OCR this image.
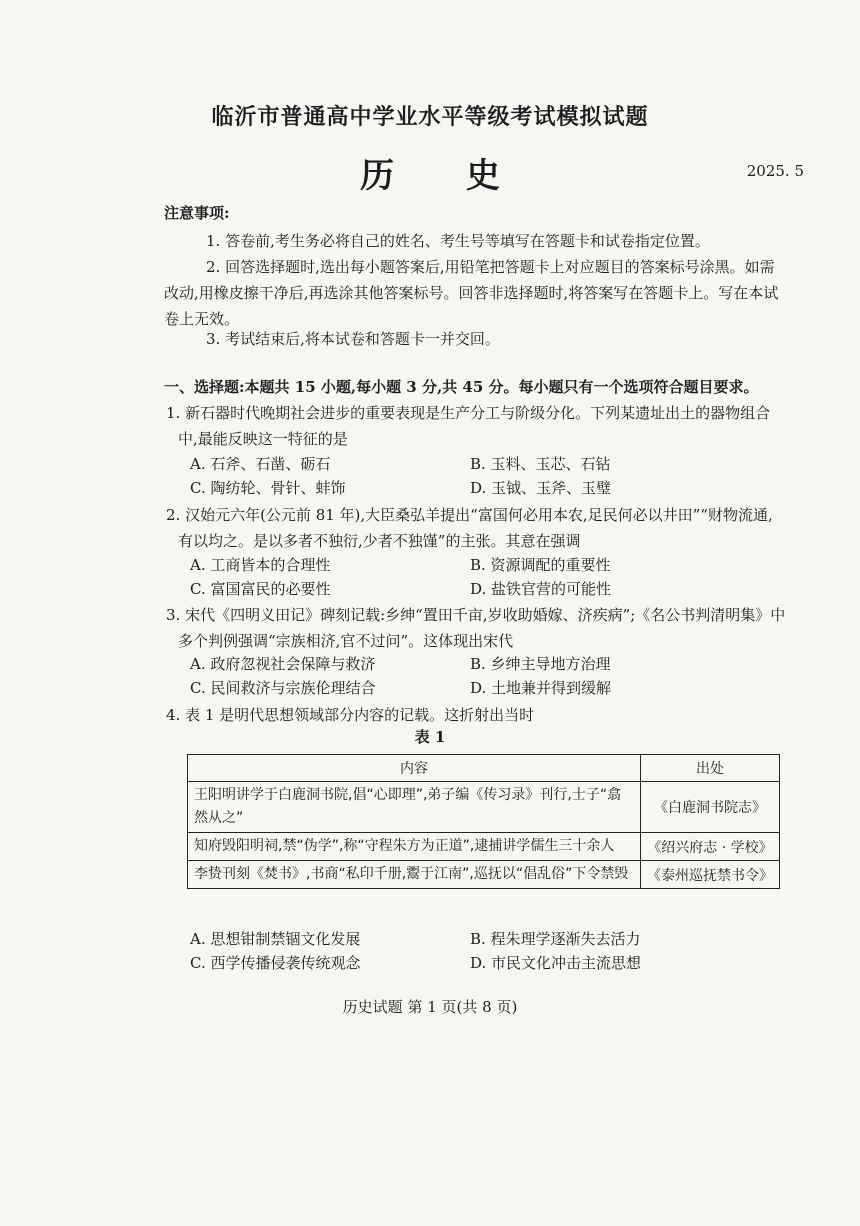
临沂市普通高中学业水平等级考试模拟试题
历 史	2025. 5
注意事项:
1. 答卷前,考生务必将自己的姓名、考生号等填写在答题卡和试卷指定位置。
2. 回答选择题时,选出每小题答案后,用铅笔把答题卡上对应题目的答案标号涂黑。如需改动,用橡皮擦干净后,再选涂其他答案标号。回答非选择题时,将答案写在答题卡上。写在本试卷上无效。
3. 考试结束后,将本试卷和答题卡一并交回。
一、选择题:本题共 15 小题,每小题 3 分,共 45 分。每小题只有一个选项符合题目要求。
1. 新石器时代晚期社会进步的重要表现是生产分工与阶级分化。下列某遗址出土的器物组合中,最能反映这一特征的是
A. 石斧、石凿、砺石	B. 玉料、玉芯、石钻
C. 陶纺轮、骨针、蚌饰	D. 玉钺、玉斧、玉璧
2. 汉始元六年(公元前 81 年),大臣桑弘羊提出“富国何必用本农,足民何必以井田”“财物流通,有以均之。是以多者不独衍,少者不独馑”的主张。其意在强调
A. 工商皆本的合理性	B. 资源调配的重要性
C. 富国富民的必要性	D. 盐铁官营的可能性
3. 宋代《四明义田记》碑刻记载:乡绅“置田千亩,岁收助婚嫁、济疾病”;《名公书判清明集》中多个判例强调“宗族相济,官不过问”。这体现出宋代
A. 政府忽视社会保障与救济	B. 乡绅主导地方治理
C. 民间救济与宗族伦理结合	D. 土地兼并得到缓解
4. 表 1 是明代思想领域部分内容的记载。这折射出当时
表 1
内容	出处
王阳明讲学于白鹿洞书院,倡“心即理”,弟子编《传习录》刊行,士子“翕然从之”	《白鹿洞书院志》
知府毁阳明祠,禁“伪学”,称“守程朱方为正道”,逮捕讲学儒生三十余人	《绍兴府志 · 学校》
李贽刊刻《焚书》,书商“私印千册,鬻于江南”,巡抚以“倡乱俗”下令禁毁	《泰州巡抚禁书令》
A. 思想钳制禁锢文化发展	B. 程朱理学逐渐失去活力
C. 西学传播侵袭传统观念	D. 市民文化冲击主流思想
历史试题 第 1 页(共 8 页)
